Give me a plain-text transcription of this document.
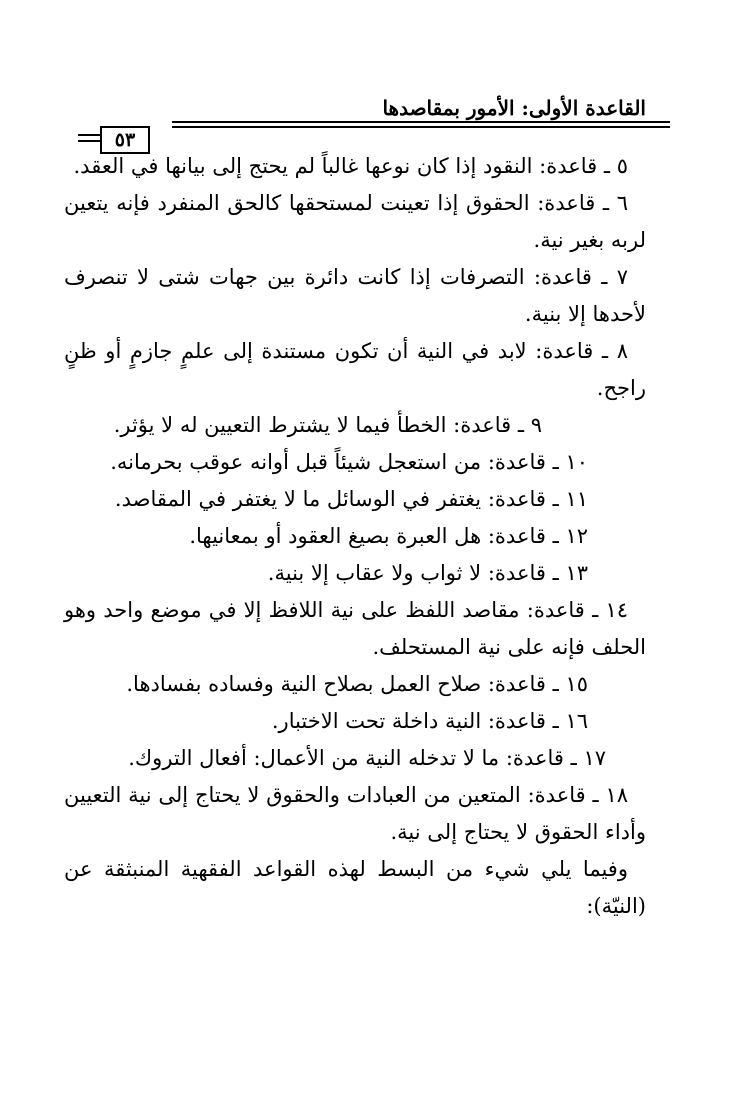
القاعدة الأولى: الأمور بمقاصدها
٥٣

٥ ـ قاعدة: النقود إذا كان نوعها غالباً لم يحتج إلى بيانها في العقد.

٦ ـ قاعدة: الحقوق إذا تعينت لمستحقها كالحق المنفرد فإنه يتعين لربه بغير نية.

٧ ـ قاعدة: التصرفات إذا كانت دائرة بين جهات شتى لا تنصرف لأحدها إلا بنية.

٨ ـ قاعدة: لابد في النية أن تكون مستندة إلى علمٍ جازمٍ أو ظنٍ راجح.

٩ ـ قاعدة: الخطأ فيما لا يشترط التعيين له لا يؤثر.

١٠ ـ قاعدة: من استعجل شيئاً قبل أوانه عوقب بحرمانه.

١١ ـ قاعدة: يغتفر في الوسائل ما لا يغتفر في المقاصد.

١٢ ـ قاعدة: هل العبرة بصيغ العقود أو بمعانيها.

١٣ ـ قاعدة: لا ثواب ولا عقاب إلا بنية.

١٤ ـ قاعدة: مقاصد اللفظ على نية اللافظ إلا في موضع واحد وهو الحلف فإنه على نية المستحلف.

١٥ ـ قاعدة: صلاح العمل بصلاح النية وفساده بفسادها.

١٦ ـ قاعدة: النية داخلة تحت الاختبار.

١٧ ـ قاعدة: ما لا تدخله النية من الأعمال: أفعال التروك.

١٨ ـ قاعدة: المتعين من العبادات والحقوق لا يحتاج إلى نية التعيين وأداء الحقوق لا يحتاج إلى نية.

وفيما يلي شيء من البسط لهذه القواعد الفقهية المنبثقة عن (النيّة):
